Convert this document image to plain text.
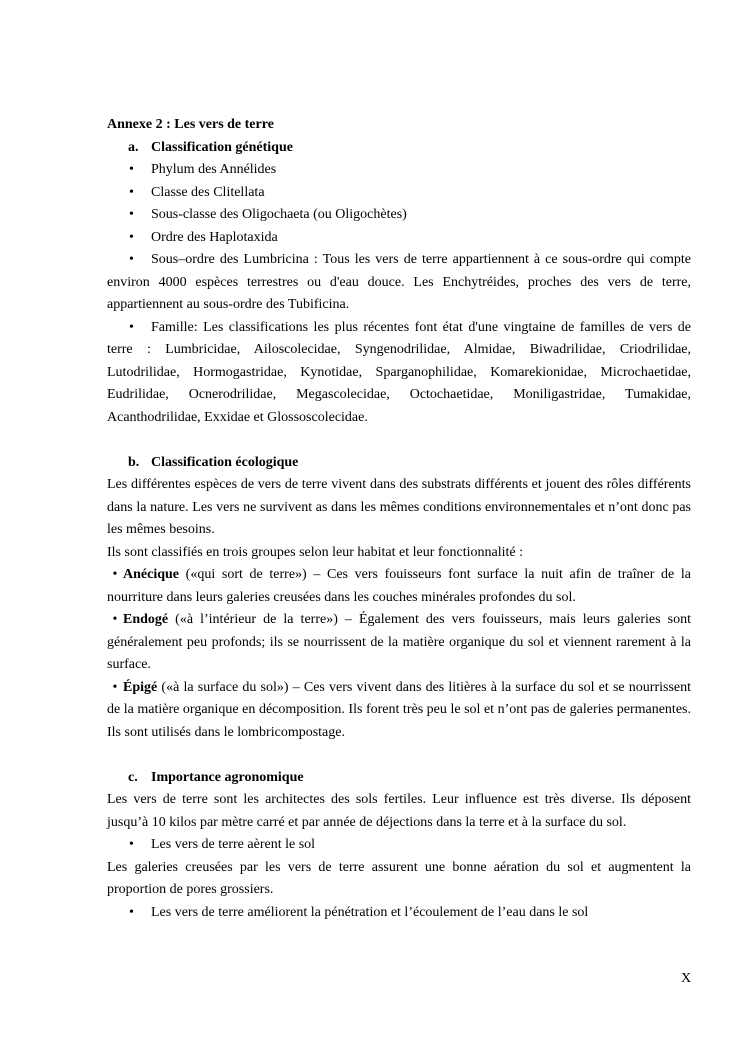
Annexe 2 : Les vers de terre

a. Classification génétique

• Phylum des Annélides

• Classe des Clitellata

• Sous-classe des Oligochaeta (ou Oligochètes)

• Ordre des Haplotaxida

• Sous–ordre des Lumbricina : Tous les vers de terre appartiennent à ce sous-ordre qui compte environ 4000 espèces terrestres ou d'eau douce. Les Enchytréides, proches des vers de terre, appartiennent au sous-ordre des Tubificina.

• Famille: Les classifications les plus récentes font état d'une vingtaine de familles de vers de terre : Lumbricidae, Ailoscolecidae, Syngenodrilidae, Almidae, Biwadrilidae, Criodrilidae, Lutodrilidae, Hormogastridae, Kynotidae, Sparganophilidae, Komarekionidae, Microchaetidae, Eudrilidae, Ocnerodrilidae, Megascolecidae, Octochaetidae, Moniligastridae, Tumakidae, Acanthodrilidae, Exxidae et Glossoscolecidae.

b. Classification écologique

Les différentes espèces de vers de terre vivent dans des substrats différents et jouent des rôles différents dans la nature. Les vers ne survivent as dans les mêmes conditions environnementales et n’ont donc pas les mêmes besoins.

Ils sont classifiés en trois groupes selon leur habitat et leur fonctionnalité :

• Anécique («qui sort de terre») – Ces vers fouisseurs font surface la nuit afin de traîner de la nourriture dans leurs galeries creusées dans les couches minérales profondes du sol.

• Endogé («à l’intérieur de la terre») – Également des vers fouisseurs, mais leurs galeries sont généralement peu profonds; ils se nourrissent de la matière organique du sol et viennent rarement à la surface.

• Épigé («à la surface du sol») – Ces vers vivent dans des litières à la surface du sol et se nourrissent de la matière organique en décomposition. Ils forent très peu le sol et n’ont pas de galeries permanentes. Ils sont utilisés dans le lombricompostage.

c. Importance agronomique

Les vers de terre sont les architectes des sols fertiles. Leur influence est très diverse. Ils déposent jusqu’à 10 kilos par mètre carré et par année de déjections dans la terre et à la surface du sol.

• Les vers de terre aèrent le sol

Les galeries creusées par les vers de terre assurent une bonne aération du sol et augmentent la proportion de pores grossiers.

• Les vers de terre améliorent la pénétration et l’écoulement de l’eau dans le sol

X
